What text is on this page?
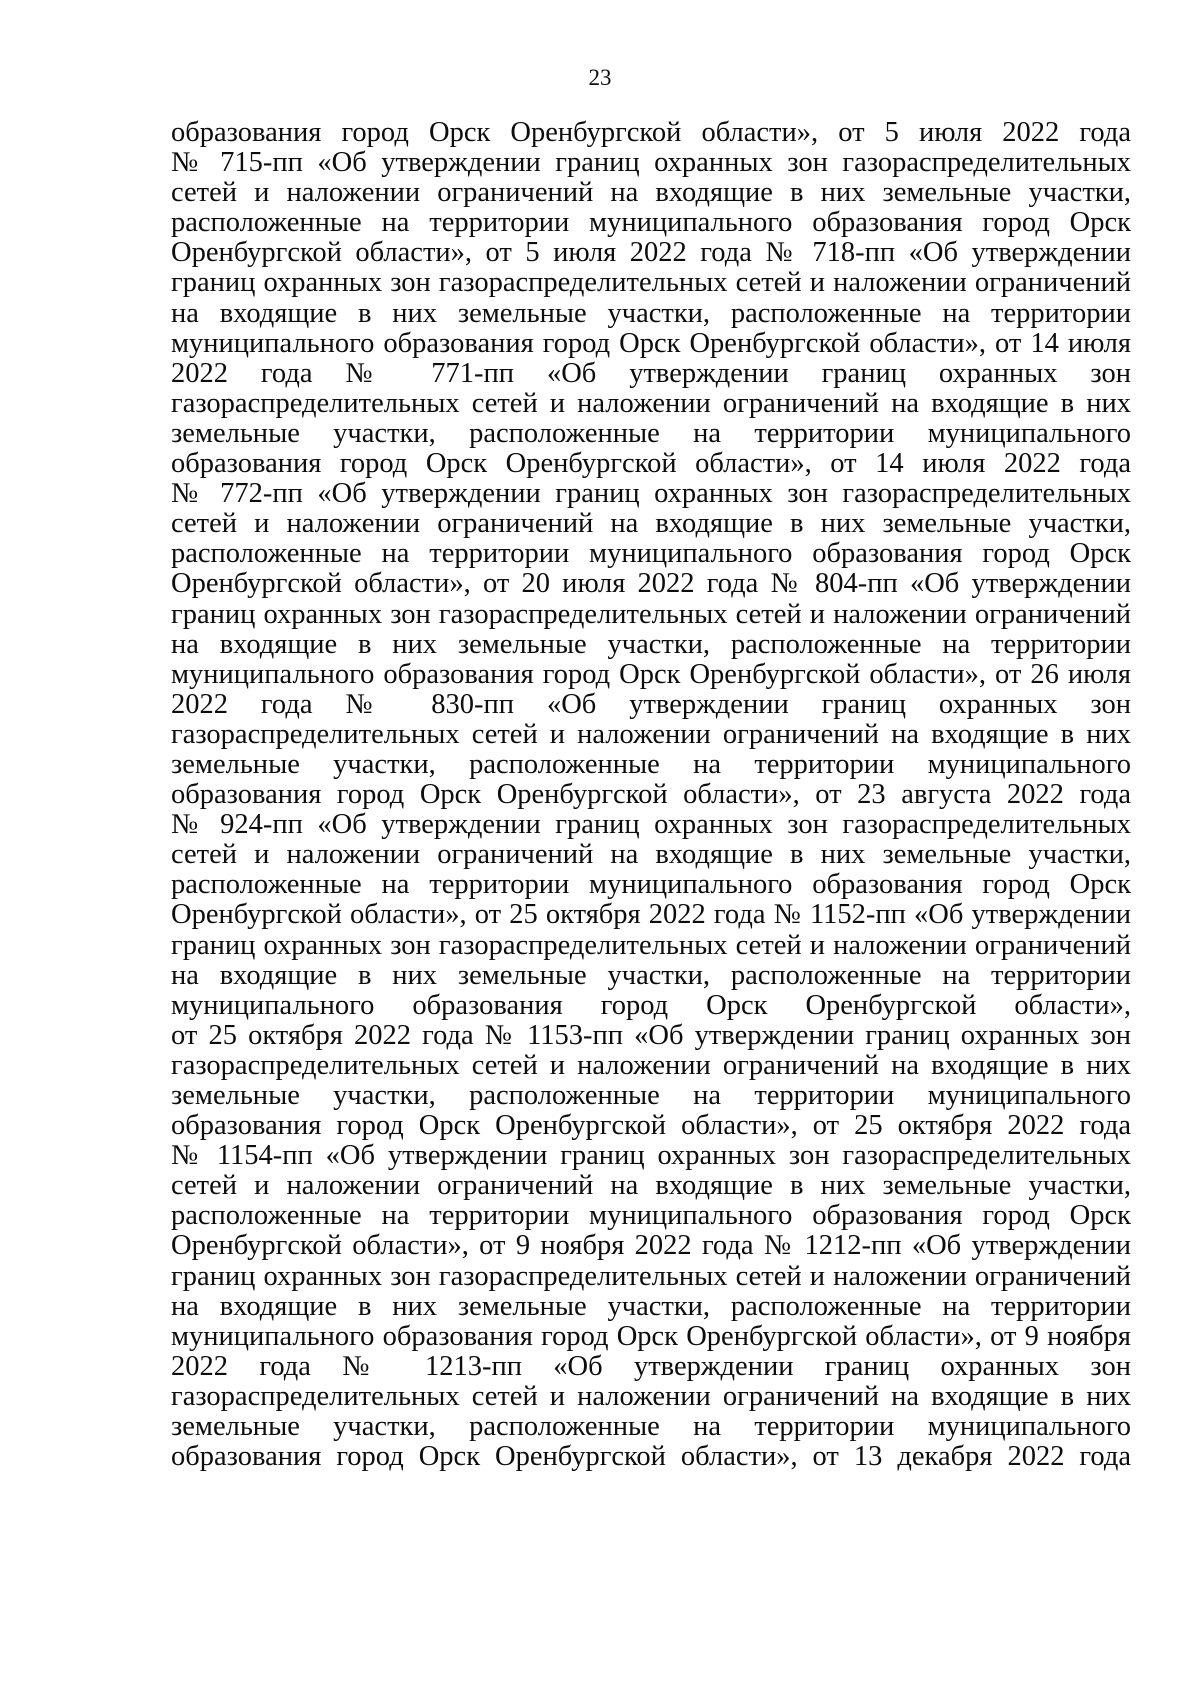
23
образования город Орск Оренбургской области», от 5 июля 2022 года
№ 715-пп «Об утверждении границ охранных зон газораспределительных
сетей и наложении ограничений на входящие в них земельные участки,
расположенные на территории муниципального образования город Орск
Оренбургской области», от 5 июля 2022 года № 718-пп «Об утверждении
границ охранных зон газораспределительных сетей и наложении ограничений
на входящие в них земельные участки, расположенные на территории
муниципального образования город Орск Оренбургской области», от 14 июля
2022 года № 771-пп «Об утверждении границ охранных зон
газораспределительных сетей и наложении ограничений на входящие в них
земельные участки, расположенные на территории муниципального
образования город Орск Оренбургской области», от 14 июля 2022 года
№ 772-пп «Об утверждении границ охранных зон газораспределительных
сетей и наложении ограничений на входящие в них земельные участки,
расположенные на территории муниципального образования город Орск
Оренбургской области», от 20 июля 2022 года № 804-пп «Об утверждении
границ охранных зон газораспределительных сетей и наложении ограничений
на входящие в них земельные участки, расположенные на территории
муниципального образования город Орск Оренбургской области», от 26 июля
2022 года № 830-пп «Об утверждении границ охранных зон
газораспределительных сетей и наложении ограничений на входящие в них
земельные участки, расположенные на территории муниципального
образования город Орск Оренбургской области», от 23 августа 2022 года
№ 924-пп «Об утверждении границ охранных зон газораспределительных
сетей и наложении ограничений на входящие в них земельные участки,
расположенные на территории муниципального образования город Орск
Оренбургской области», от 25 октября 2022 года № 1152-пп «Об утверждении
границ охранных зон газораспределительных сетей и наложении ограничений
на входящие в них земельные участки, расположенные на территории
муниципального образования город Орск Оренбургской области»,
от 25 октября 2022 года № 1153-пп «Об утверждении границ охранных зон
газораспределительных сетей и наложении ограничений на входящие в них
земельные участки, расположенные на территории муниципального
образования город Орск Оренбургской области», от 25 октября 2022 года
№ 1154-пп «Об утверждении границ охранных зон газораспределительных
сетей и наложении ограничений на входящие в них земельные участки,
расположенные на территории муниципального образования город Орск
Оренбургской области», от 9 ноября 2022 года № 1212-пп «Об утверждении
границ охранных зон газораспределительных сетей и наложении ограничений
на входящие в них земельные участки, расположенные на территории
муниципального образования город Орск Оренбургской области», от 9 ноября
2022 года № 1213-пп «Об утверждении границ охранных зон
газораспределительных сетей и наложении ограничений на входящие в них
земельные участки, расположенные на территории муниципального
образования город Орск Оренбургской области», от 13 декабря 2022 года
